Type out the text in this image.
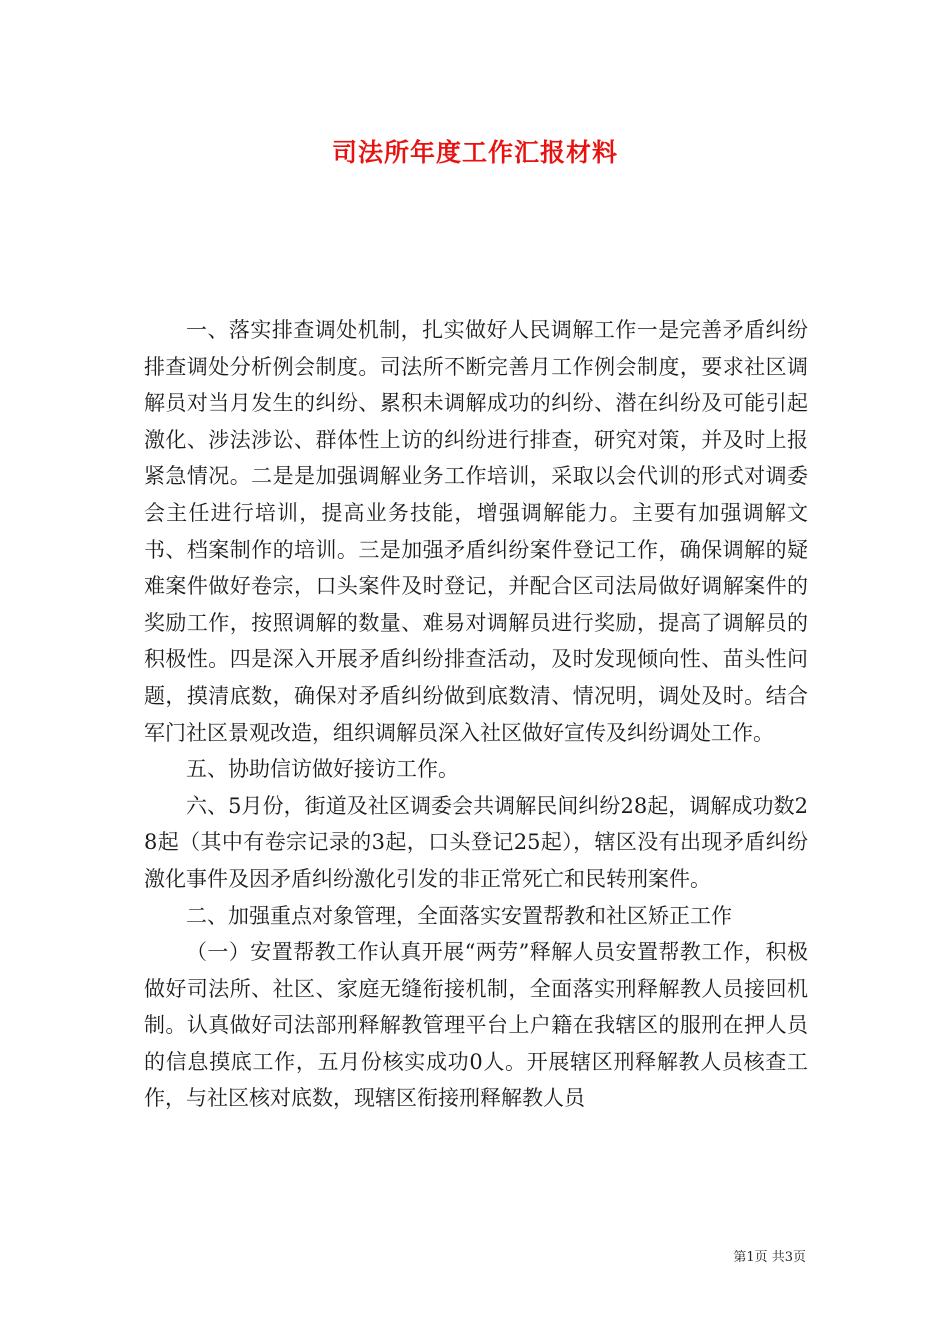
司法所年度工作汇报材料

一、落实排查调处机制，扎实做好人民调解工作一是完善矛盾纠纷排查调处分析例会制度。司法所不断完善月工作例会制度，要求社区调解员对当月发生的纠纷、累积未调解成功的纠纷、潜在纠纷及可能引起激化、涉法涉讼、群体性上访的纠纷进行排查，研究对策，并及时上报紧急情况。二是是加强调解业务工作培训，采取以会代训的形式对调委会主任进行培训，提高业务技能，增强调解能力。主要有加强调解文书、档案制作的培训。三是加强矛盾纠纷案件登记工作，确保调解的疑难案件做好卷宗，口头案件及时登记，并配合区司法局做好调解案件的奖励工作，按照调解的数量、难易对调解员进行奖励，提高了调解员的积极性。四是深入开展矛盾纠纷排查活动，及时发现倾向性、苗头性问题，摸清底数，确保对矛盾纠纷做到底数清、情况明，调处及时。结合军门社区景观改造，组织调解员深入社区做好宣传及纠纷调处工作。

五、协助信访做好接访工作。

六、5月份，街道及社区调委会共调解民间纠纷28起，调解成功数28起（其中有卷宗记录的3起，口头登记25起），辖区没有出现矛盾纠纷激化事件及因矛盾纠纷激化引发的非正常死亡和民转刑案件。

二、加强重点对象管理，全面落实安置帮教和社区矫正工作

（一）安置帮教工作认真开展“两劳”释解人员安置帮教工作，积极做好司法所、社区、家庭无缝衔接机制，全面落实刑释解教人员接回机制。认真做好司法部刑释解教管理平台上户籍在我辖区的服刑在押人员的信息摸底工作，五月份核实成功0人。开展辖区刑释解教人员核查工作，与社区核对底数，现辖区衔接刑释解教人员

第1页 共3页
